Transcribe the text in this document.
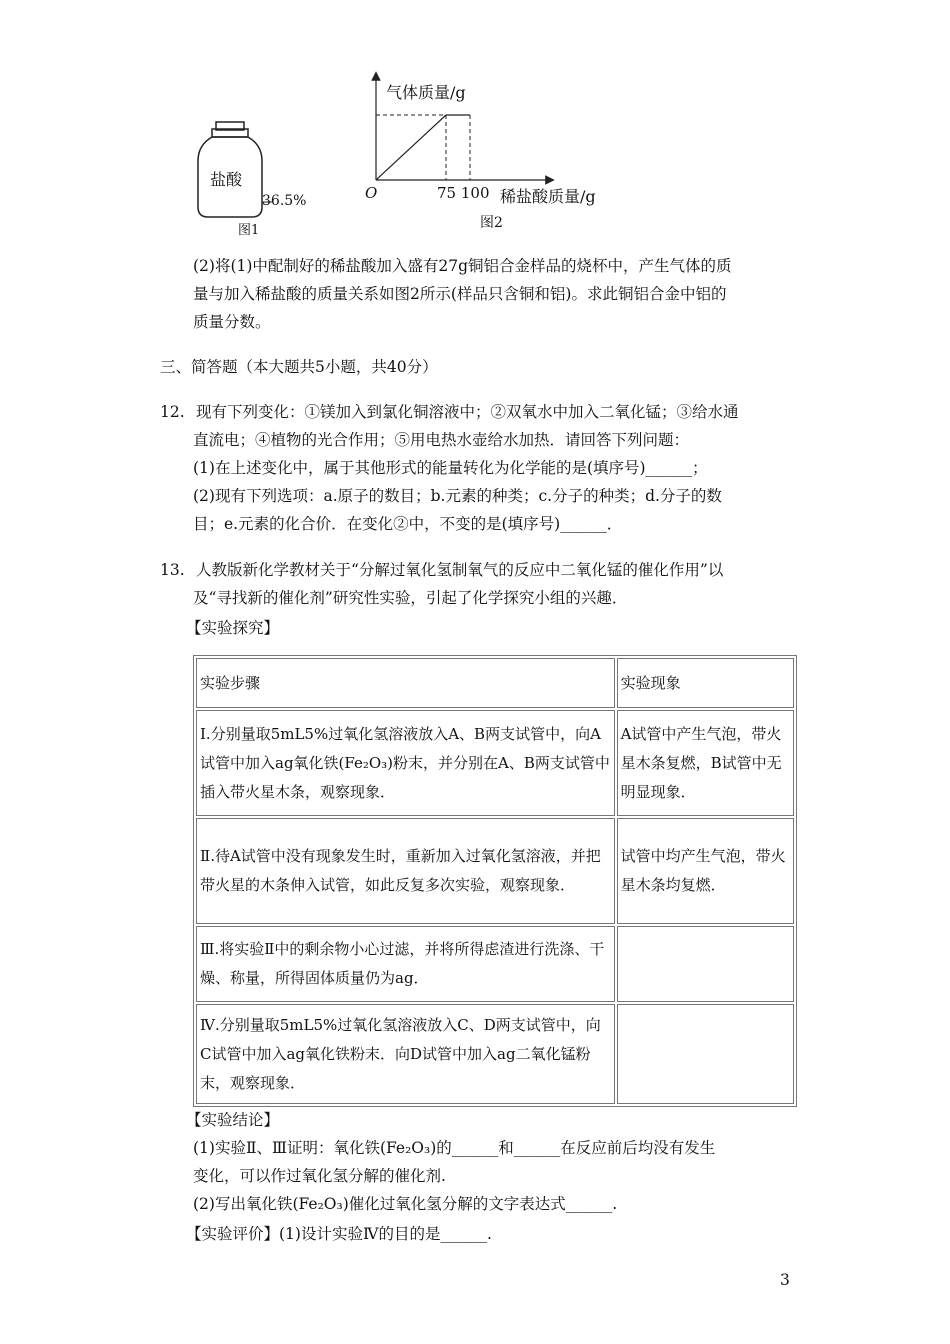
盐酸
36.5%
图1
气体质量/g
O	75 100 稀盐酸质量/g
图2
(2)将(1)中配制好的稀盐酸加入盛有27g铜铝合金样品的烧杯中，产生气体的质
量与加入稀盐酸的质量关系如图2所示(样品只含铜和铝)。求此铜铝合金中铝的
质量分数。
三、简答题（本大题共5小题，共40分）
12. 现有下列变化：①镁加入到氯化铜溶液中；②双氧水中加入二氧化锰；③给水通
直流电；④植物的光合作用；⑤用电热水壶给水加热．请回答下列问题：
(1)在上述变化中，属于其他形式的能量转化为化学能的是(填序号)______；
(2)现有下列选项：a.原子的数目；b.元素的种类；c.分子的种类；d.分子的数
目；e.元素的化合价．在变化②中，不变的是(填序号)______．
13. 人教版新化学教材关于“分解过氧化氢制氧气的反应中二氧化锰的催化作用”以
及“寻找新的催化剂”研究性实验，引起了化学探究小组的兴趣．
【实验探究】
实验步骤	实验现象
Ⅰ.分别量取5mL5%过氧化氢溶液放入A、B两支试管中，向A试管中加入ag氧化铁(Fe₂O₃)粉末，并分别在A、B两支试管中插入带火星木条，观察现象．	A试管中产生气泡，带火星木条复燃，B试管中无明显现象．
Ⅱ.待A试管中没有现象发生时，重新加入过氧化氢溶液，并把带火星的木条伸入试管，如此反复多次实验，观察现象．	试管中均产生气泡，带火星木条均复燃．
Ⅲ.将实验Ⅱ中的剩余物小心过滤，并将所得虑渣进行洗涤、干燥、称量，所得固体质量仍为ag．	
Ⅳ.分别量取5mL5%过氧化氢溶液放入C、D两支试管中，向C试管中加入ag氧化铁粉末．向D试管中加入ag二氧化锰粉末，观察现象．	
【实验结论】
(1)实验Ⅱ、Ⅲ证明：氧化铁(Fe₂O₃)的______和______在反应前后均没有发生
变化，可以作过氧化氢分解的催化剂.
(2)写出氧化铁(Fe₂O₃)催化过氧化氢分解的文字表达式______.
【实验评价】(1)设计实验Ⅳ的目的是______.
3
